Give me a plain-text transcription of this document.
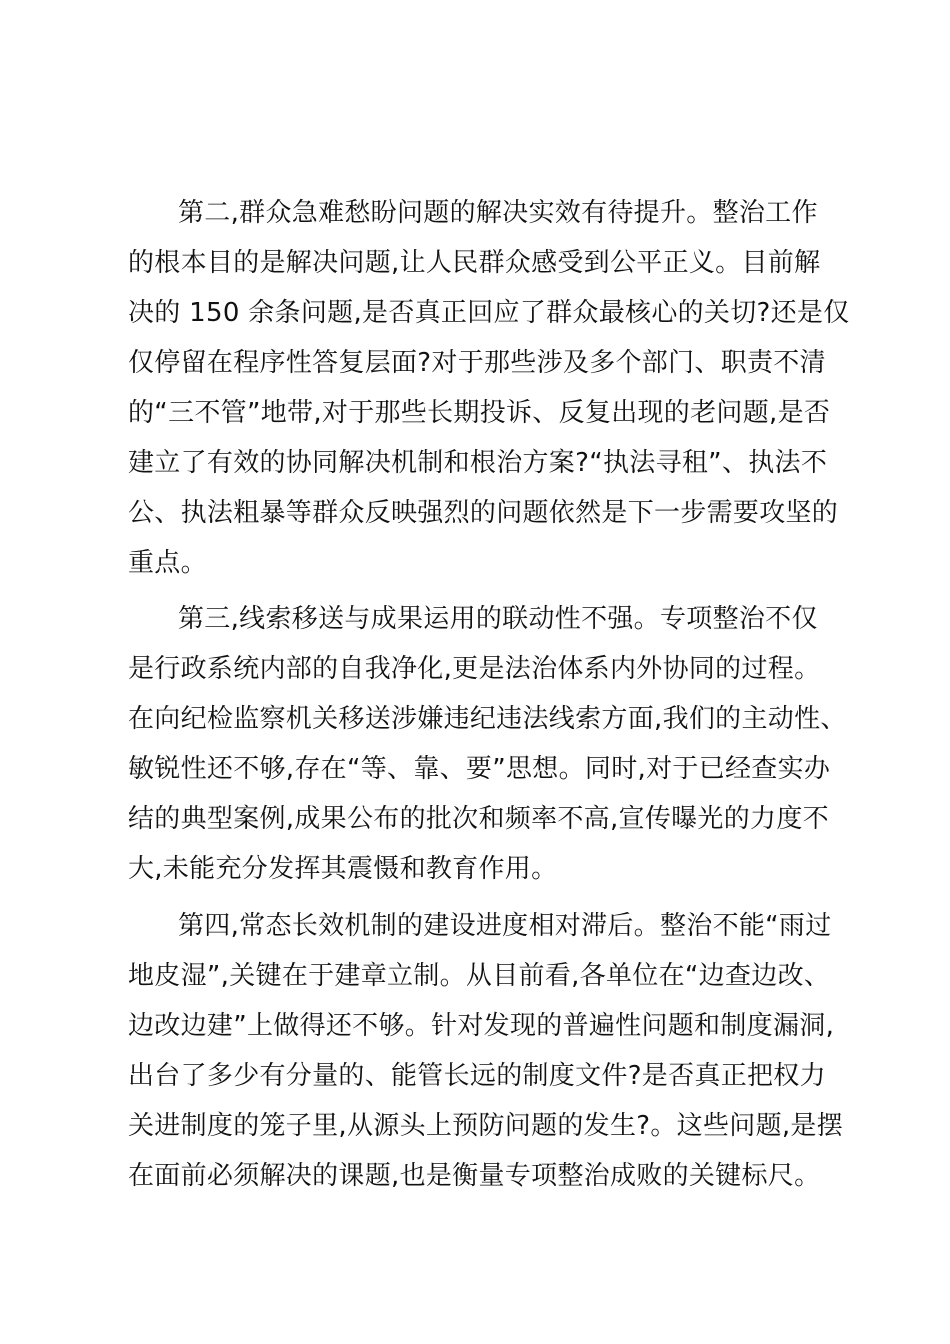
第二,群众急难愁盼问题的解决实效有待提升。整治工作
的根本目的是解决问题,让人民群众感受到公平正义。目前解
决的 150 余条问题,是否真正回应了群众最核心的关切?还是仅
仅停留在程序性答复层面?对于那些涉及多个部门、职责不清
的“三不管”地带,对于那些长期投诉、反复出现的老问题,是否
建立了有效的协同解决机制和根治方案?“执法寻租”、执法不
公、执法粗暴等群众反映强烈的问题依然是下一步需要攻坚的
重点。
第三,线索移送与成果运用的联动性不强。专项整治不仅
是行政系统内部的自我净化,更是法治体系内外协同的过程。
在向纪检监察机关移送涉嫌违纪违法线索方面,我们的主动性、
敏锐性还不够,存在“等、靠、要”思想。同时,对于已经查实办
结的典型案例,成果公布的批次和频率不高,宣传曝光的力度不
大,未能充分发挥其震慑和教育作用。
第四,常态长效机制的建设进度相对滞后。整治不能“雨过
地皮湿”,关键在于建章立制。从目前看,各单位在“边查边改、
边改边建”上做得还不够。针对发现的普遍性问题和制度漏洞,
出台了多少有分量的、能管长远的制度文件?是否真正把权力
关进制度的笼子里,从源头上预防问题的发生?。这些问题,是摆
在面前必须解决的课题,也是衡量专项整治成败的关键标尺。
